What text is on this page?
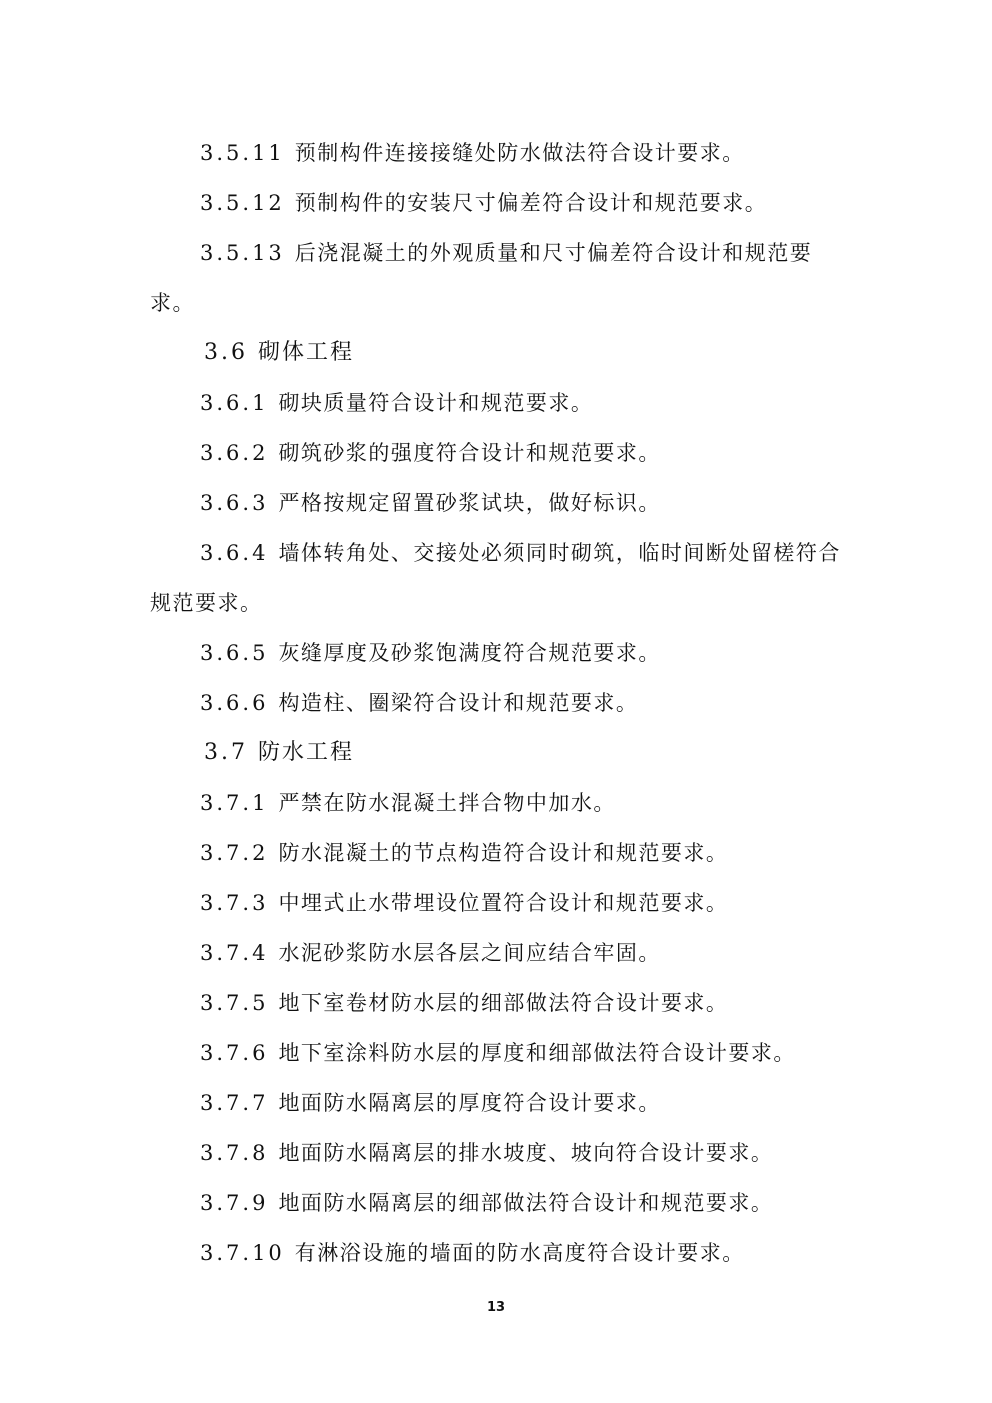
3.5.11 预制构件连接接缝处防水做法符合设计要求。
3.5.12 预制构件的安装尺寸偏差符合设计和规范要求。
3.5.13 后浇混凝土的外观质量和尺寸偏差符合设计和规范要
求。
3.6 砌体工程
3.6.1 砌块质量符合设计和规范要求。
3.6.2 砌筑砂浆的强度符合设计和规范要求。
3.6.3 严格按规定留置砂浆试块，做好标识。
3.6.4 墙体转角处、交接处必须同时砌筑，临时间断处留槎符合
规范要求。
3.6.5 灰缝厚度及砂浆饱满度符合规范要求。
3.6.6 构造柱、圈梁符合设计和规范要求。
3.7 防水工程
3.7.1 严禁在防水混凝土拌合物中加水。
3.7.2 防水混凝土的节点构造符合设计和规范要求。
3.7.3 中埋式止水带埋设位置符合设计和规范要求。
3.7.4 水泥砂浆防水层各层之间应结合牢固。
3.7.5 地下室卷材防水层的细部做法符合设计要求。
3.7.6 地下室涂料防水层的厚度和细部做法符合设计要求。
3.7.7 地面防水隔离层的厚度符合设计要求。
3.7.8 地面防水隔离层的排水坡度、坡向符合设计要求。
3.7.9 地面防水隔离层的细部做法符合设计和规范要求。
3.7.10 有淋浴设施的墙面的防水高度符合设计要求。
13
